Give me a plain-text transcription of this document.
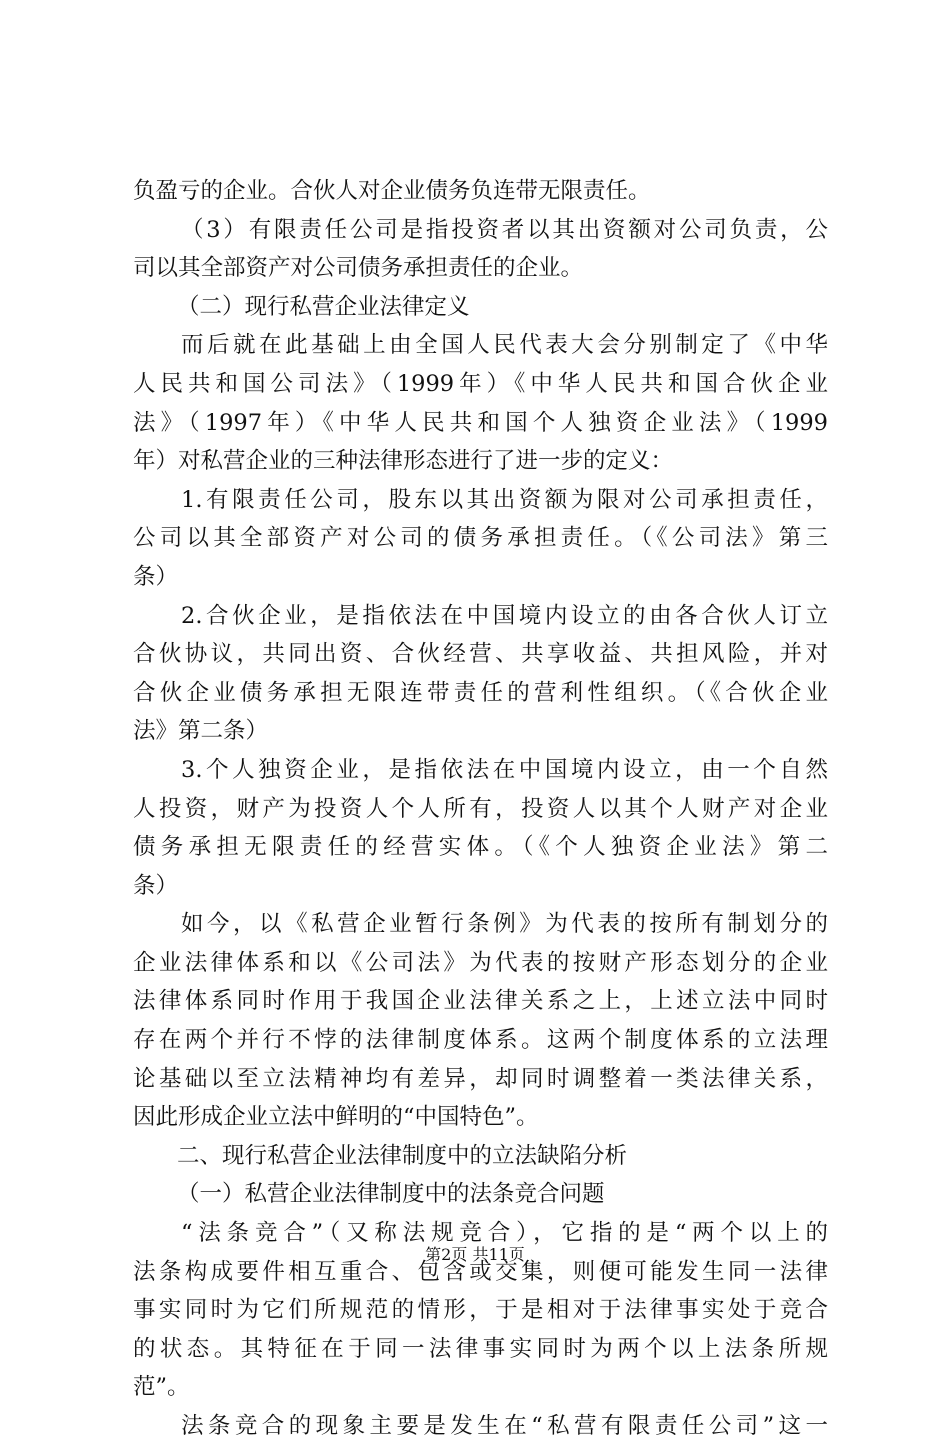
负盈亏的企业。合伙人对企业债务负连带无限责任。
（3）有限责任公司是指投资者以其出资额对公司负责，公
司以其全部资产对公司债务承担责任的企业。
（二）现行私营企业法律定义
而后就在此基础上由全国人民代表大会分别制定了《中华
人民共和国公司法》（1999年）《中华人民共和国合伙企业
法》（1997年）《中华人民共和国个人独资企业法》（1999
年）对私营企业的三种法律形态进行了进一步的定义：
1.有限责任公司，股东以其出资额为限对公司承担责任，
公司以其全部资产对公司的债务承担责任。（《公司法》第三
条）
2.合伙企业，是指依法在中国境内设立的由各合伙人订立
合伙协议，共同出资、合伙经营、共享收益、共担风险，并对
合伙企业债务承担无限连带责任的营利性组织。（《合伙企业
法》第二条）
3.个人独资企业，是指依法在中国境内设立，由一个自然
人投资，财产为投资人个人所有，投资人以其个人财产对企业
债务承担无限责任的经营实体。（《个人独资企业法》第二
条）
如今，以《私营企业暂行条例》为代表的按所有制划分的
企业法律体系和以《公司法》为代表的按财产形态划分的企业
法律体系同时作用于我国企业法律关系之上，上述立法中同时
存在两个并行不悖的法律制度体系。这两个制度体系的立法理
论基础以至立法精神均有差异，却同时调整着一类法律关系，
因此形成企业立法中鲜明的“中国特色”。
二、现行私营企业法律制度中的立法缺陷分析
（一）私营企业法律制度中的法条竞合问题
“法条竞合”（又称法规竞合），它指的是“两个以上的
法条构成要件相互重合、包含或交集，则便可能发生同一法律
事实同时为它们所规范的情形，于是相对于法律事实处于竞合
的状态。其特征在于同一法律事实同时为两个以上法条所规
范”。
法条竞合的现象主要是发生在“私营有限责任公司”这一
第2页 共11页
